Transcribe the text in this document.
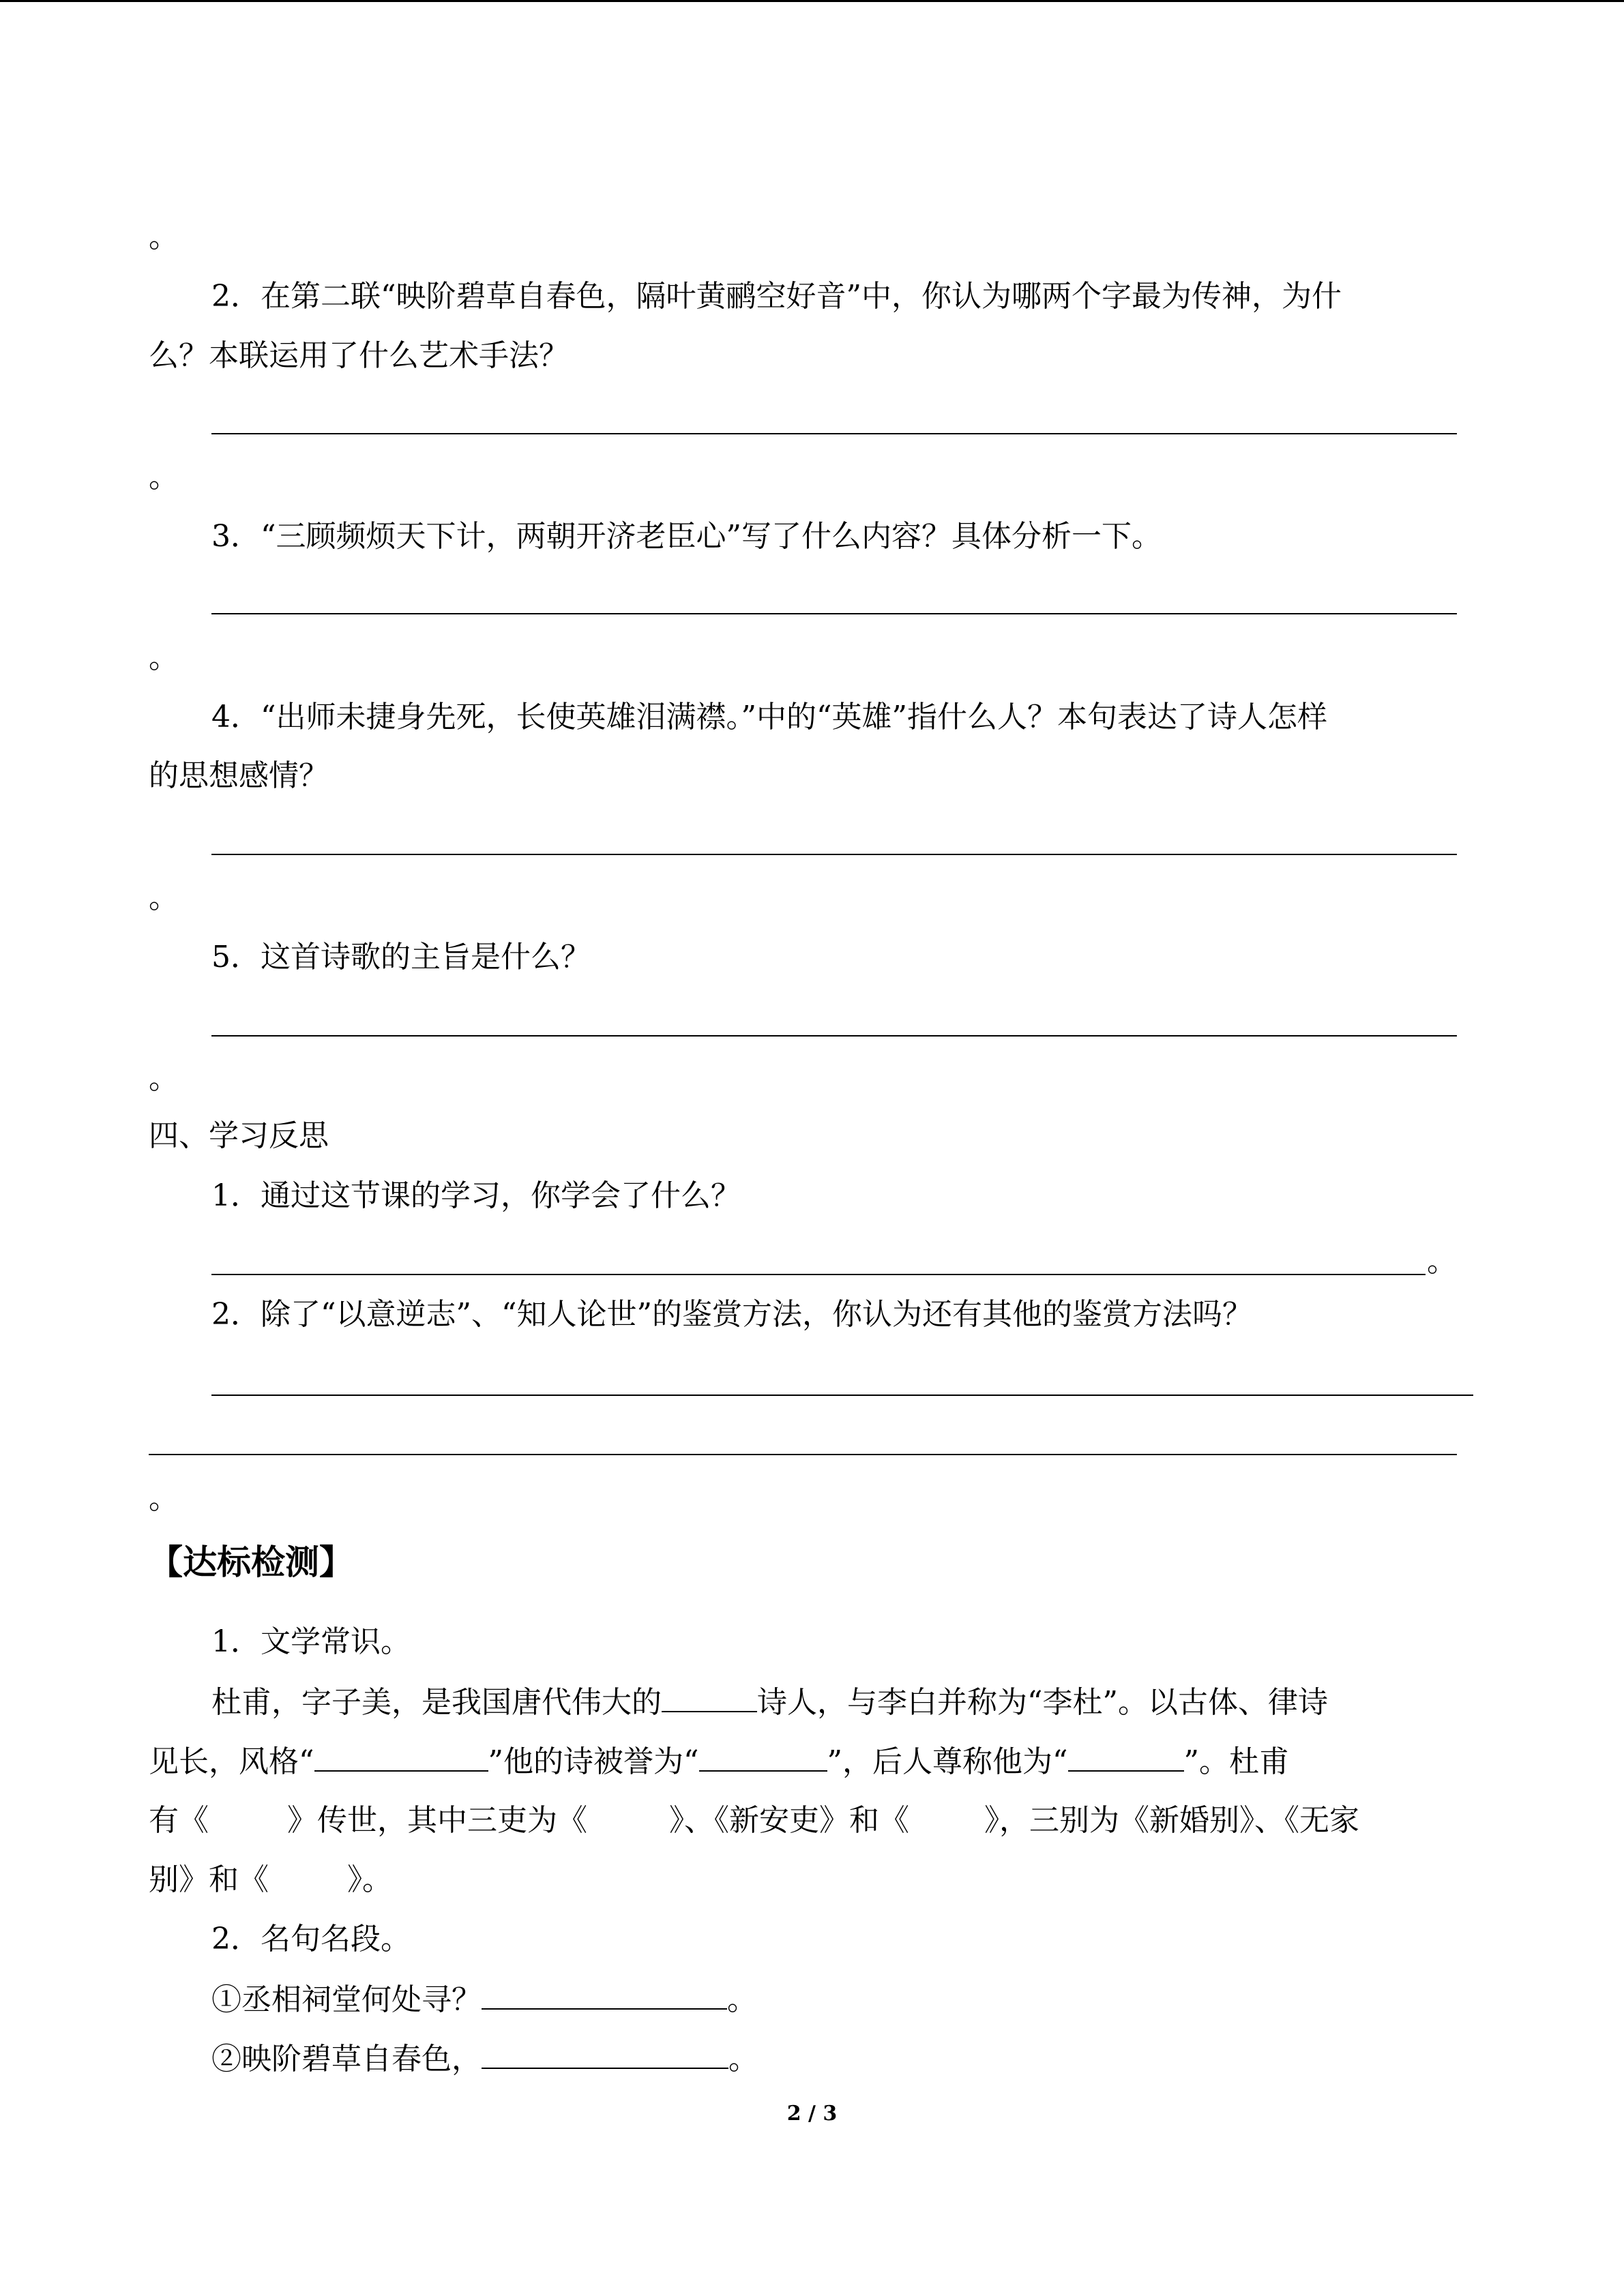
。
2．在第二联“映阶碧草自春色，隔叶黄鹂空好音”中，你认为哪两个字最为传神，为什
么？本联运用了什么艺术手法？
。
3．“三顾频烦天下计，两朝开济老臣心”写了什么内容？具体分析一下。
。
4．“出师未捷身先死，长使英雄泪满襟。”中的“英雄”指什么人？本句表达了诗人怎样
的思想感情？
。
5．这首诗歌的主旨是什么？
。
四、学习反思
1．通过这节课的学习，你学会了什么？
。
2．除了“以意逆志”、“知人论世”的鉴赏方法，你认为还有其他的鉴赏方法吗？
。
【达标检测】
1．文学常识。
杜甫，字子美，是我国唐代伟大的	诗人，与李白并称为“李杜”。以古体、律诗
见长，风格“	”他的诗被誉为“	”，后人尊称他为“	”。杜甫
有《	》传世，其中三吏为《	》、《新安吏》和《	》，三别为《新婚别》、《无家
别》和《	》。
2．名句名段。
①丞相祠堂何处寻？	。
②映阶碧草自春色，	。
2 / 3
